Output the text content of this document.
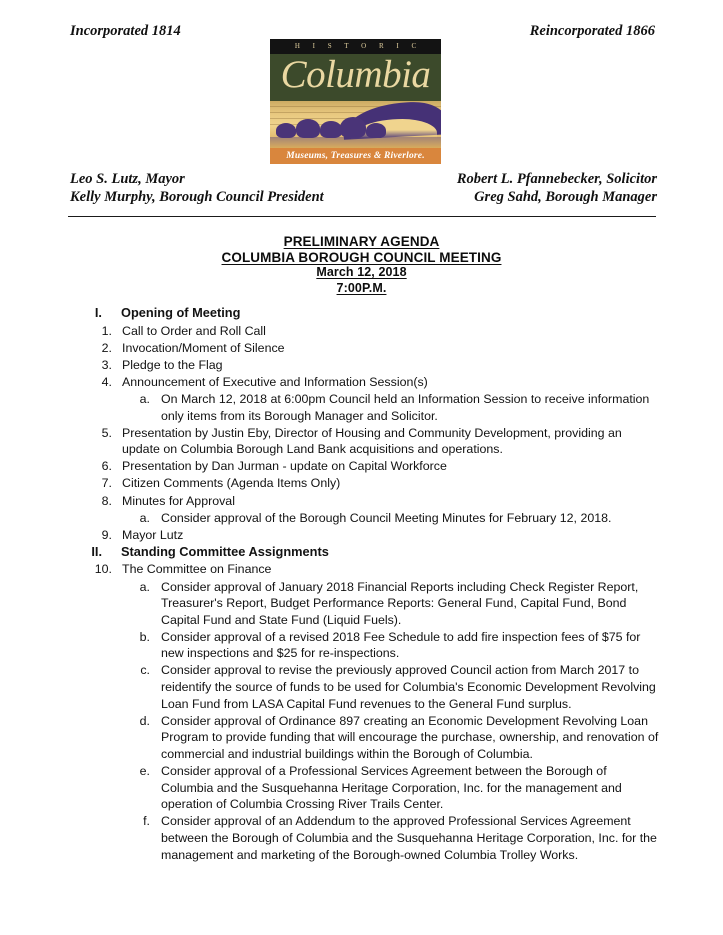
Incorporated 1814	Reincorporated 1866
H I S T O R I C
Columbia
Museums, Treasures & Riverlore.
Leo S. Lutz, Mayor	Robert L. Pfannebecker, Solicitor
Kelly Murphy, Borough Council President	Greg Sahd, Borough Manager
PRELIMINARY AGENDA
COLUMBIA BOROUGH COUNCIL MEETING
March 12, 2018
7:00P.M.
I. Opening of Meeting
1. Call to Order and Roll Call
2. Invocation/Moment of Silence
3. Pledge to the Flag
4. Announcement of Executive and Information Session(s)
a. On March 12, 2018 at 6:00pm Council held an Information Session to receive information only items from its Borough Manager and Solicitor.
5. Presentation by Justin Eby, Director of Housing and Community Development, providing an update on Columbia Borough Land Bank acquisitions and operations.
6. Presentation by Dan Jurman - update on Capital Workforce
7. Citizen Comments (Agenda Items Only)
8. Minutes for Approval
a. Consider approval of the Borough Council Meeting Minutes for February 12, 2018.
9. Mayor Lutz
II. Standing Committee Assignments
10. The Committee on Finance
a. Consider approval of January 2018 Financial Reports including Check Register Report, Treasurer's Report, Budget Performance Reports: General Fund, Capital Fund, Bond Capital Fund and State Fund (Liquid Fuels).
b. Consider approval of a revised 2018 Fee Schedule to add fire inspection fees of $75 for new inspections and $25 for re-inspections.
c. Consider approval to revise the previously approved Council action from March 2017 to reidentify the source of funds to be used for Columbia's Economic Development Revolving Loan Fund from LASA Capital Fund revenues to the General Fund surplus.
d. Consider approval of Ordinance 897 creating an Economic Development Revolving Loan Program to provide funding that will encourage the purchase, ownership, and renovation of commercial and industrial buildings within the Borough of Columbia.
e. Consider approval of a Professional Services Agreement between the Borough of Columbia and the Susquehanna Heritage Corporation, Inc. for the management and operation of Columbia Crossing River Trails Center.
f. Consider approval of an Addendum to the approved Professional Services Agreement between the Borough of Columbia and the Susquehanna Heritage Corporation, Inc. for the management and marketing of the Borough-owned Columbia Trolley Works.
